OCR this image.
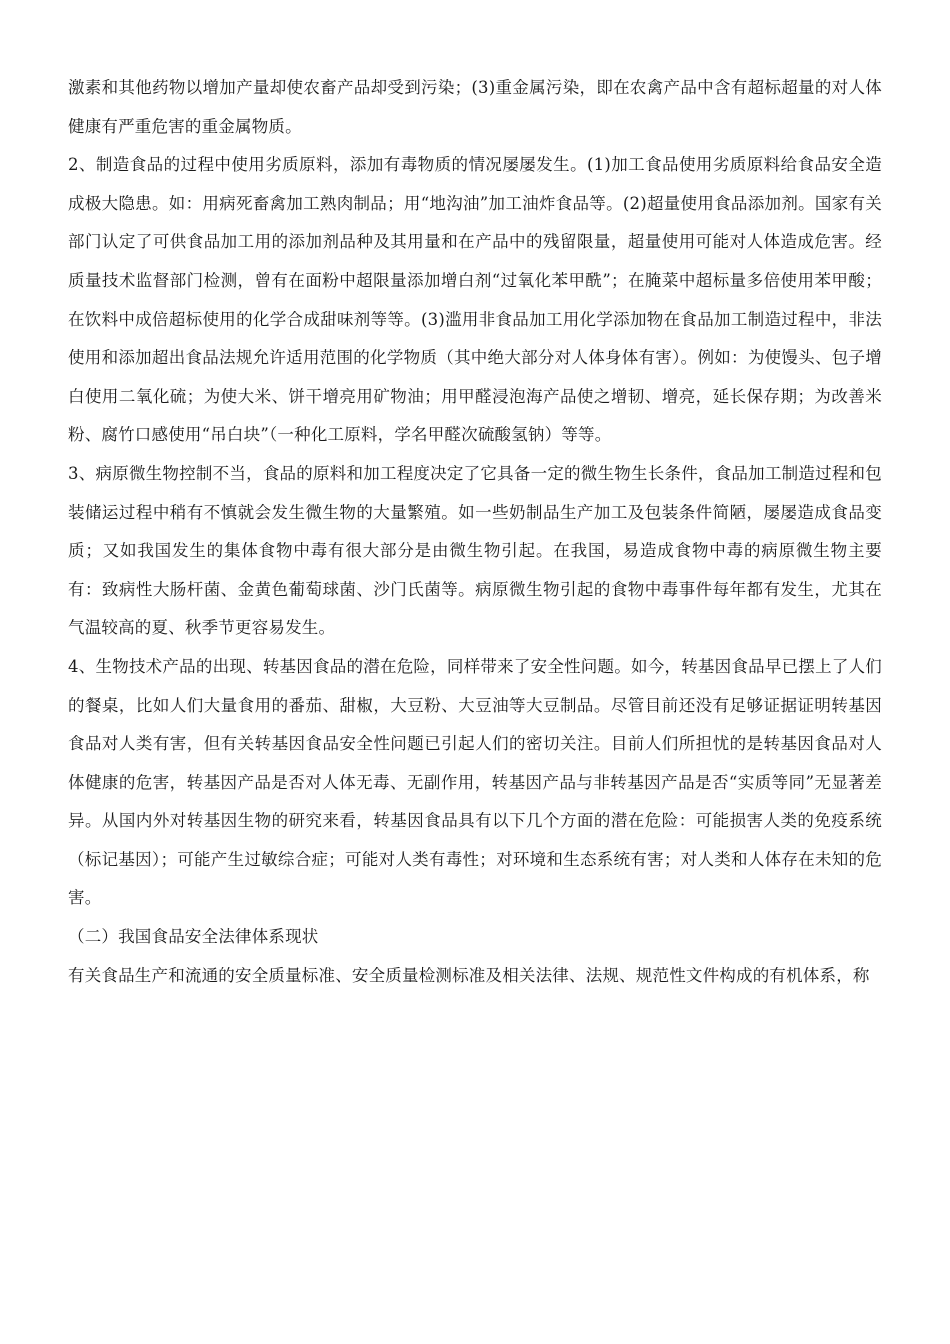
激素和其他药物以增加产量却使农畜产品却受到污染；(3)重金属污染，即在农禽产品中含有超标超量的对人体健康有严重危害的重金属物质。

2、制造食品的过程中使用劣质原料，添加有毒物质的情况屡屡发生。(1)加工食品使用劣质原料给食品安全造成极大隐患。如：用病死畜禽加工熟肉制品；用“地沟油”加工油炸食品等。(2)超量使用食品添加剂。国家有关部门认定了可供食品加工用的添加剂品种及其用量和在产品中的残留限量，超量使用可能对人体造成危害。经质量技术监督部门检测，曾有在面粉中超限量添加增白剂“过氧化苯甲酰”；在腌菜中超标量多倍使用苯甲酸；在饮料中成倍超标使用的化学合成甜味剂等等。(3)滥用非食品加工用化学添加物在食品加工制造过程中，非法使用和添加超出食品法规允许适用范围的化学物质（其中绝大部分对人体身体有害）。例如：为使馒头、包子增白使用二氧化硫；为使大米、饼干增亮用矿物油；用甲醛浸泡海产品使之增韧、增亮，延长保存期；为改善米粉、腐竹口感使用“吊白块”（一种化工原料，学名甲醛次硫酸氢钠）等等。

3、病原微生物控制不当，食品的原料和加工程度决定了它具备一定的微生物生长条件，食品加工制造过程和包装储运过程中稍有不慎就会发生微生物的大量繁殖。如一些奶制品生产加工及包装条件简陋，屡屡造成食品变质；又如我国发生的集体食物中毒有很大部分是由微生物引起。在我国，易造成食物中毒的病原微生物主要有：致病性大肠杆菌、金黄色葡萄球菌、沙门氏菌等。病原微生物引起的食物中毒事件每年都有发生，尤其在气温较高的夏、秋季节更容易发生。

4、生物技术产品的出现、转基因食品的潜在危险，同样带来了安全性问题。如今，转基因食品早已摆上了人们的餐桌，比如人们大量食用的番茄、甜椒，大豆粉、大豆油等大豆制品。尽管目前还没有足够证据证明转基因食品对人类有害，但有关转基因食品安全性问题已引起人们的密切关注。目前人们所担忧的是转基因食品对人体健康的危害，转基因产品是否对人体无毒、无副作用，转基因产品与非转基因产品是否“实质等同”无显著差异。从国内外对转基因生物的研究来看，转基因食品具有以下几个方面的潜在危险：可能损害人类的免疫系统（标记基因）；可能产生过敏综合症；可能对人类有毒性；对环境和生态系统有害；对人类和人体存在未知的危害。

（二）我国食品安全法律体系现状

有关食品生产和流通的安全质量标准、安全质量检测标准及相关法律、法规、规范性文件构成的有机体系，称
